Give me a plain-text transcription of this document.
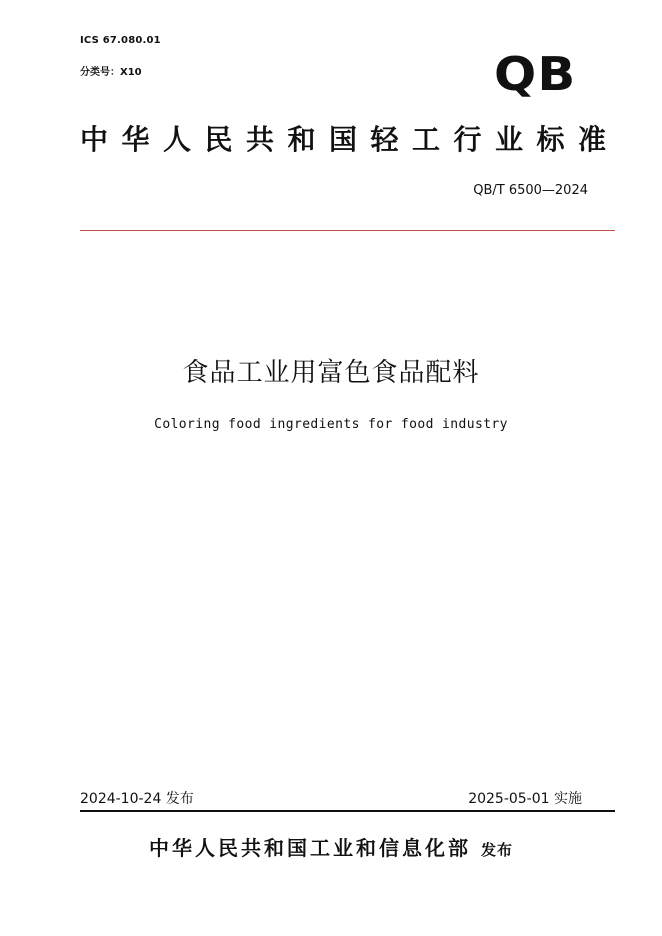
ICS 67.080.01
分类号：X10	QB
中华人民共和国轻工行业标准
QB/T 6500—2024
食品工业用富色食品配料
Coloring food ingredients for food industry
2024-10-24 发布	2025-05-01 实施
中华人民共和国工业和信息化部 发布
